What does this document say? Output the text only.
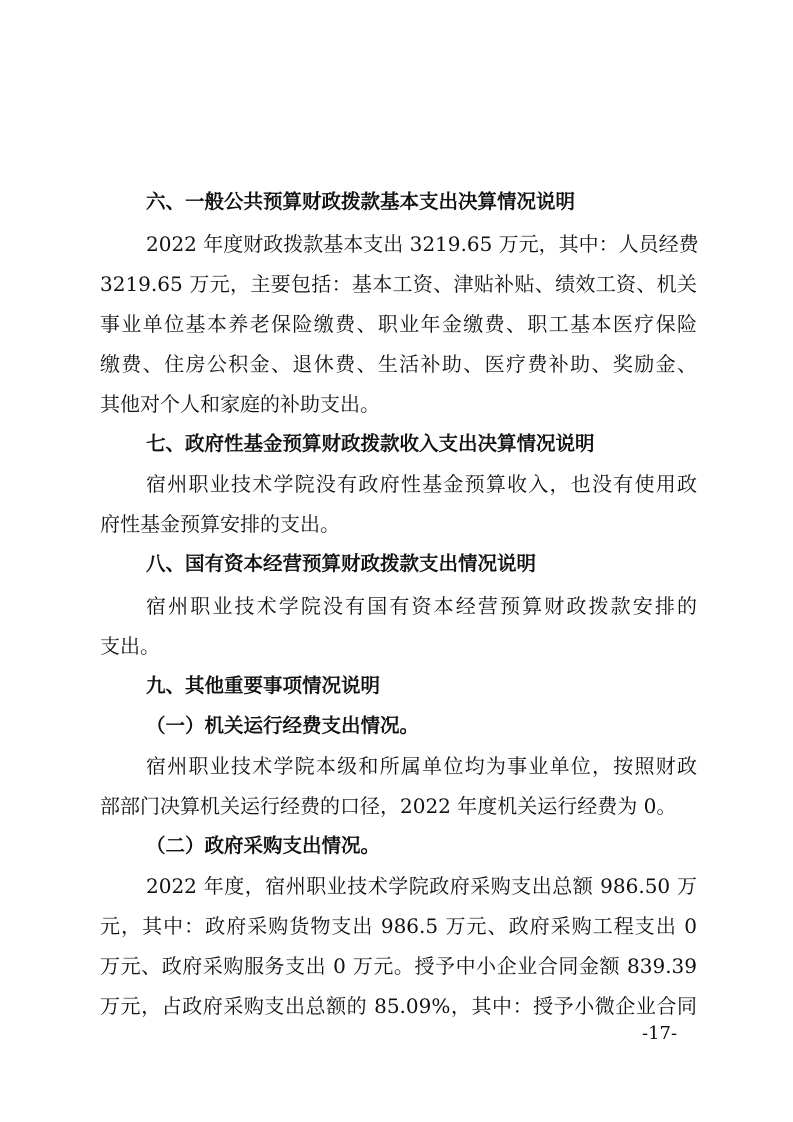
六、一般公共预算财政拨款基本支出决算情况说明

2022 年度财政拨款基本支出 3219.65 万元，其中：人员经费

3219.65 万元，主要包括：基本工资、津贴补贴、绩效工资、机关

事业单位基本养老保险缴费、职业年金缴费、职工基本医疗保险

缴费、住房公积金、退休费、生活补助、医疗费补助、奖励金、

其他对个人和家庭的补助支出。

七、政府性基金预算财政拨款收入支出决算情况说明

宿州职业技术学院没有政府性基金预算收入，也没有使用政

府性基金预算安排的支出。

八、国有资本经营预算财政拨款支出情况说明

宿州职业技术学院没有国有资本经营预算财政拨款安排的

支出。

九、其他重要事项情况说明

（一）机关运行经费支出情况。

宿州职业技术学院本级和所属单位均为事业单位，按照财政

部部门决算机关运行经费的口径，2022 年度机关运行经费为 0。

（二）政府采购支出情况。

2022 年度，宿州职业技术学院政府采购支出总额 986.50 万

元，其中：政府采购货物支出 986.5 万元、政府采购工程支出 0

万元、政府采购服务支出 0 万元。授予中小企业合同金额 839.39

万元，占政府采购支出总额的 85.09%，其中：授予小微企业合同

-17-
